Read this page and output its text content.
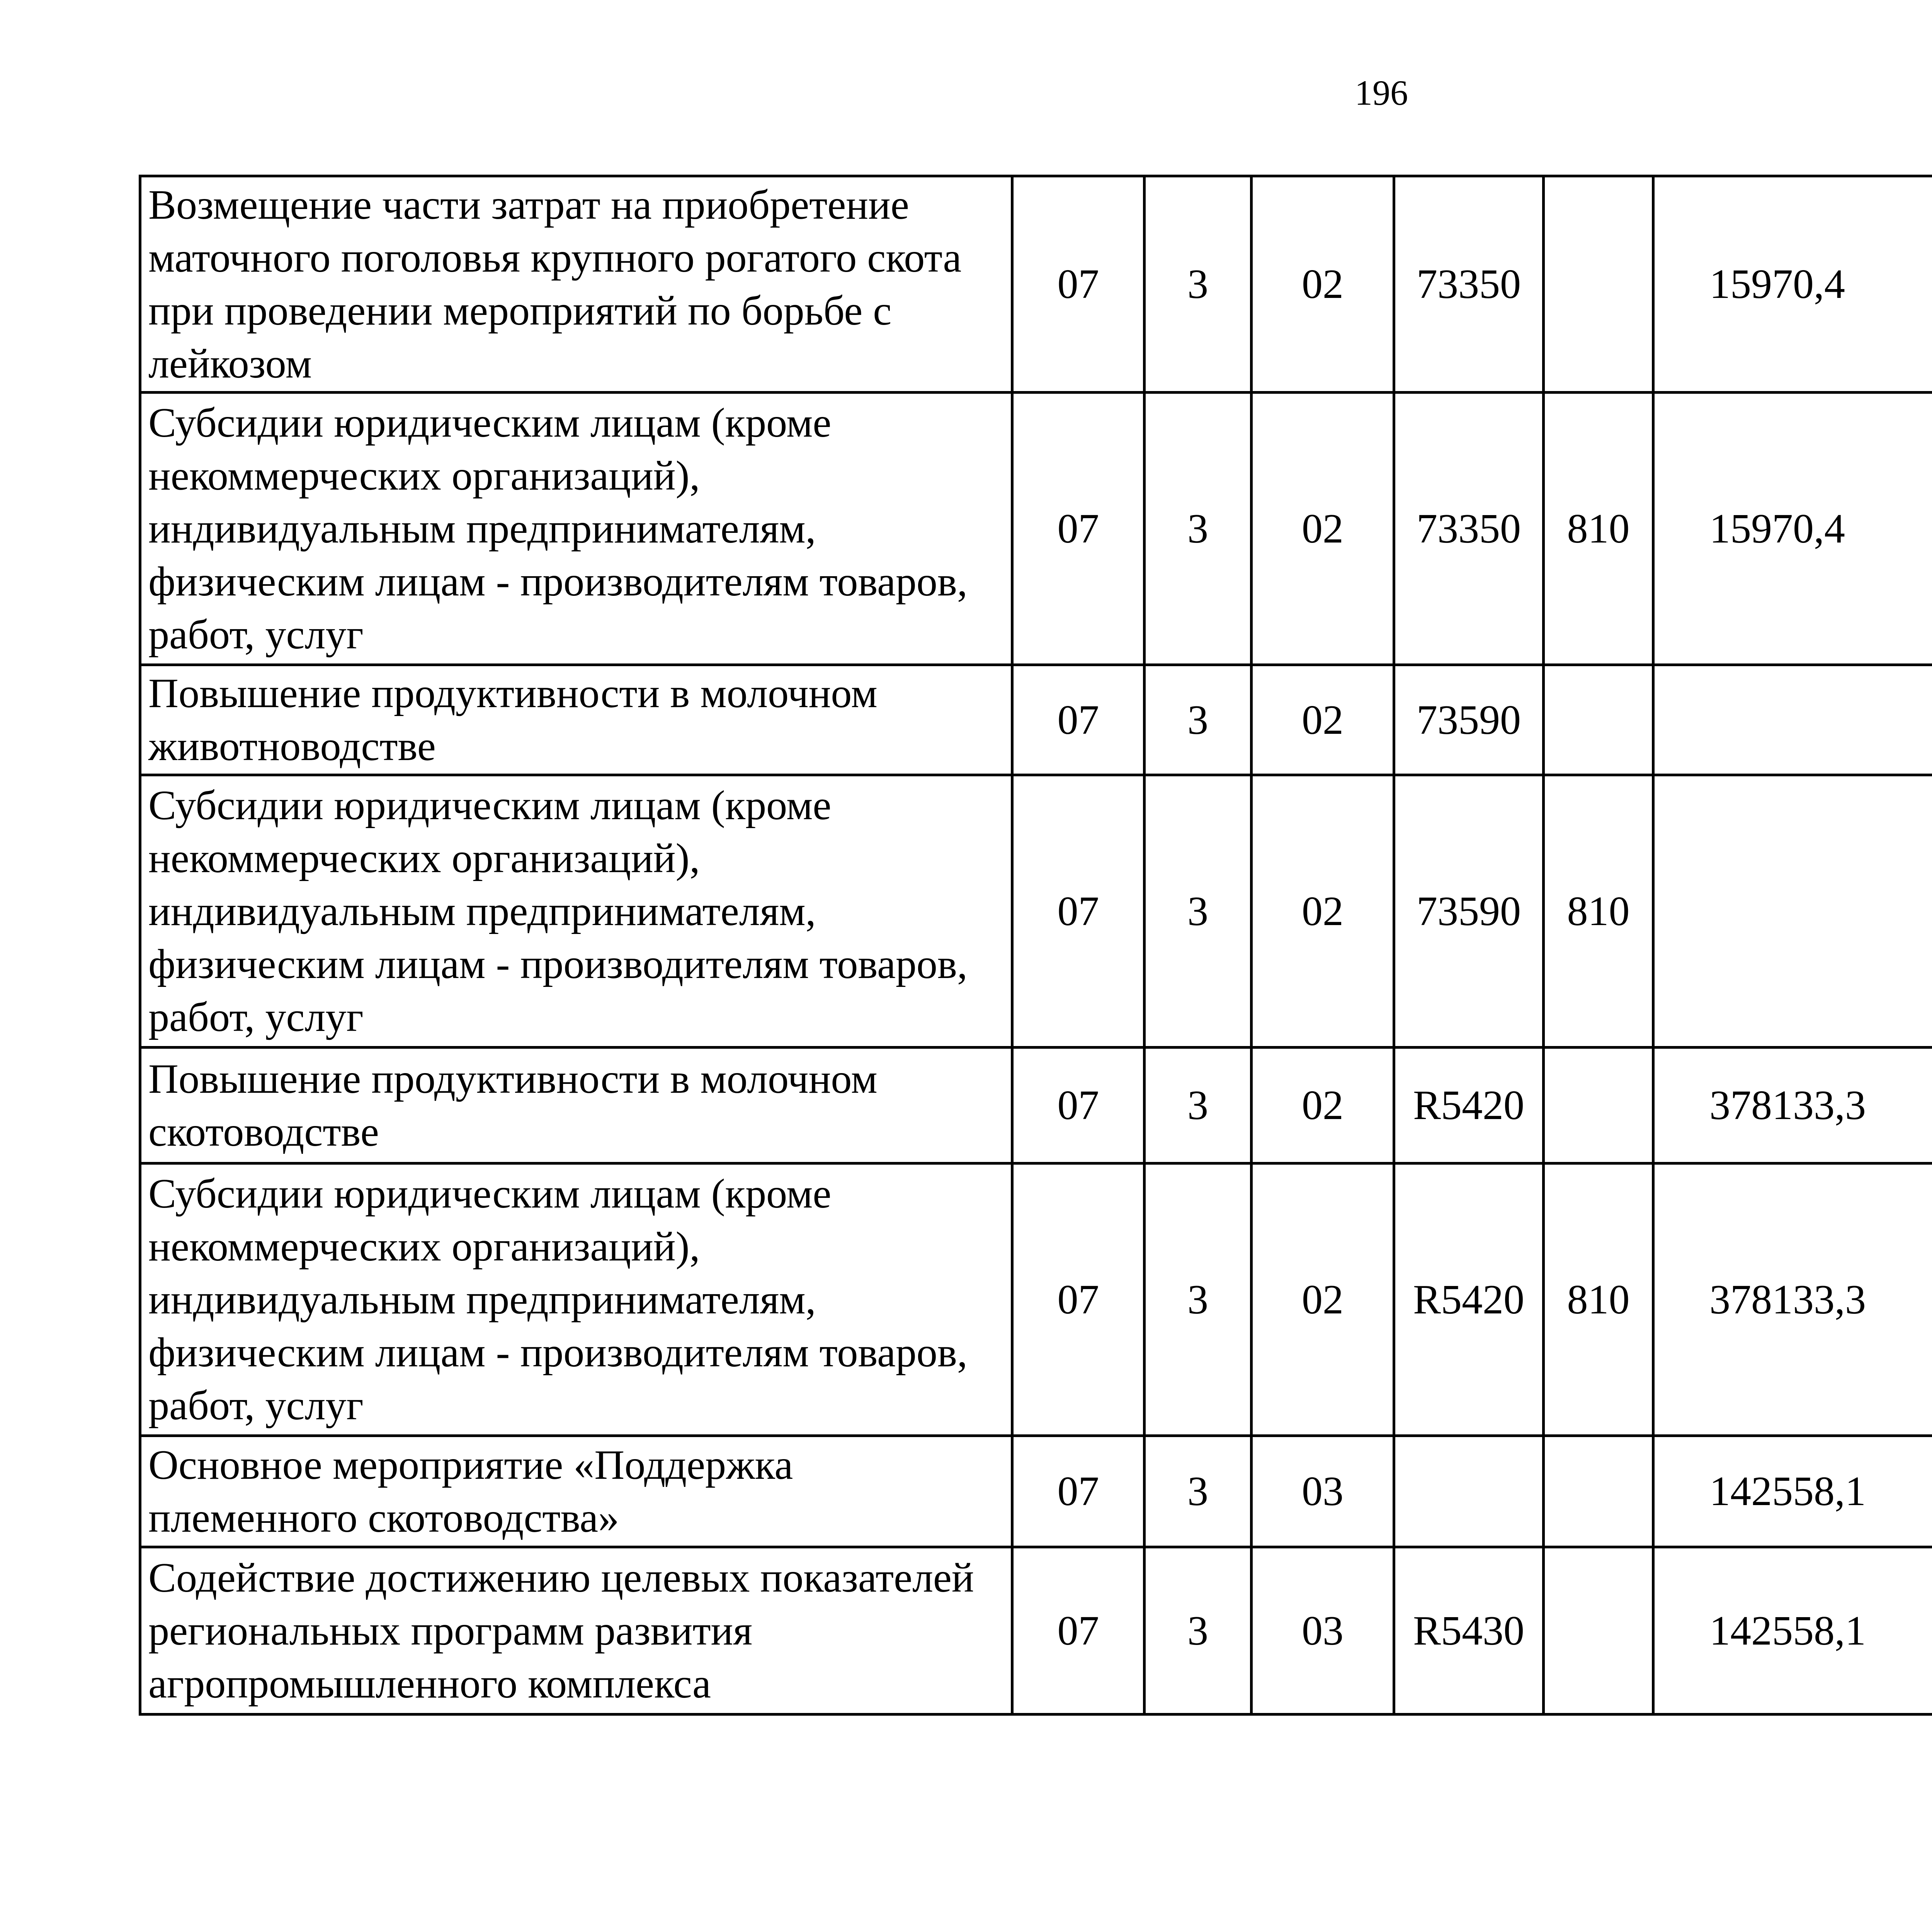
196
Возмещение части затрат на приобретение маточного поголовья крупного рогатого скота при проведении мероприятий по борьбе с лейкозом	07	3	02	73350		15970,4		
Субсидии юридическим лицам (кроме некоммерческих организаций), индивидуальным предпринимателям, физическим лицам - производителям товаров, работ, услуг	07	3	02	73350	810	15970,4		
Повышение продуктивности в молочном животноводстве	07	3	02	73590				
Субсидии юридическим лицам (кроме некоммерческих организаций), индивидуальным предпринимателям, физическим лицам - производителям товаров, работ, услуг	07	3	02	73590	810			
Повышение продуктивности в молочном скотоводстве	07	3	02	R5420		378133,3		
Субсидии юридическим лицам (кроме некоммерческих организаций), индивидуальным предпринимателям, физическим лицам - производителям товаров, работ, услуг	07	3	02	R5420	810	378133,3		
Основное мероприятие «Поддержка племенного скотоводства»	07	3	03			142558,1		
Содействие достижению целевых показателей региональных программ развития агропромышленного комплекса	07	3	03	R5430		142558,1		
